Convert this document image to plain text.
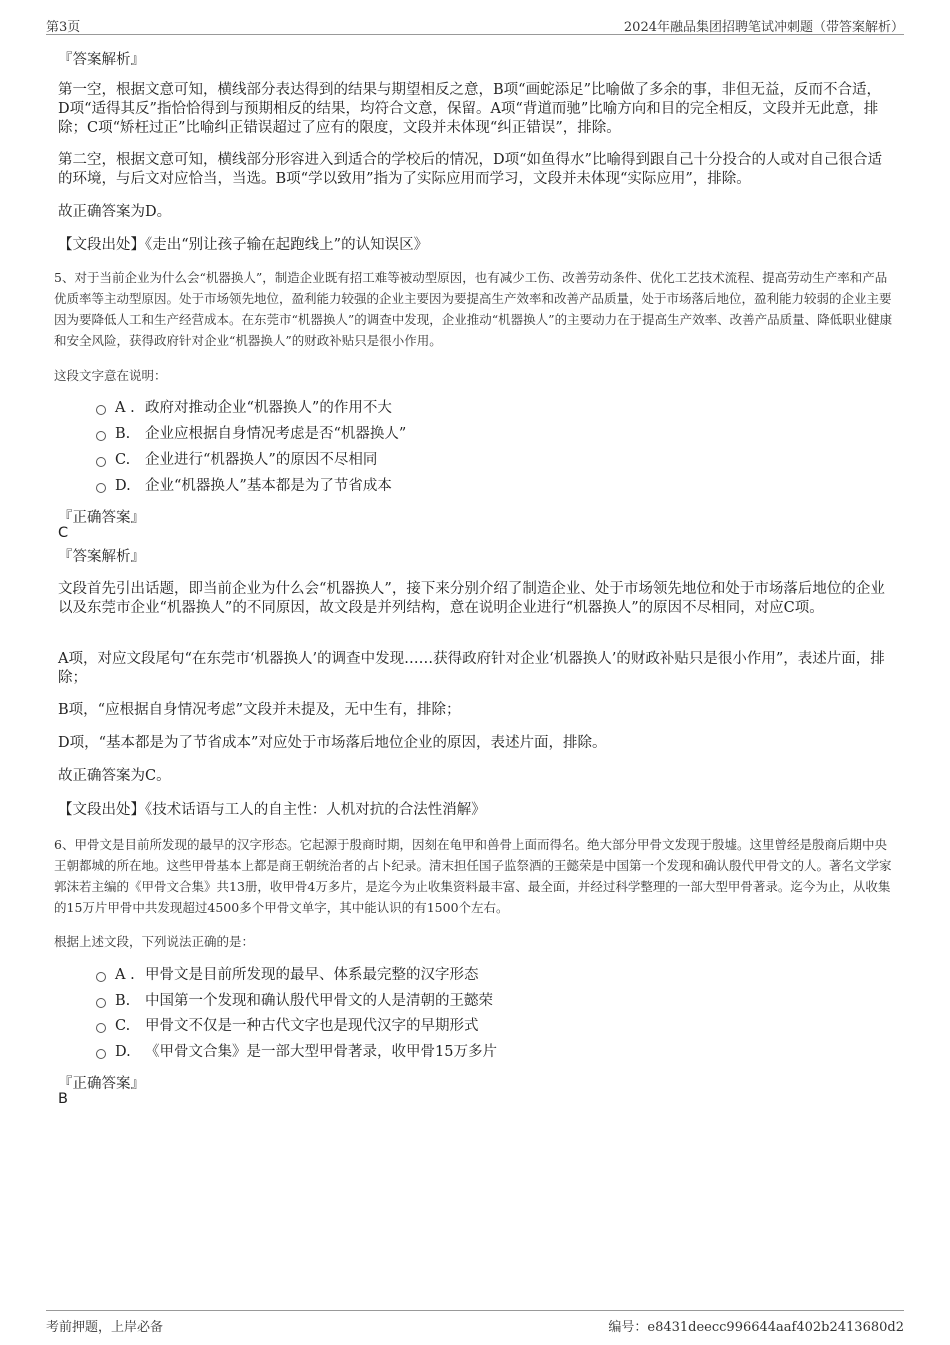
第3页	2024年融品集团招聘笔试冲刺题（带答案解析）
『答案解析』
第一空，根据文意可知，横线部分表达得到的结果与期望相反之意，B项“画蛇添足”比喻做了多余的事，非但无益，反而不合适，D项“适得其反”指恰恰得到与预期相反的结果，均符合文意，保留。A项“背道而驰”比喻方向和目的完全相反，文段并无此意，排除；C项“矫枉过正”比喻纠正错误超过了应有的限度，文段并未体现“纠正错误”，排除。
第二空，根据文意可知，横线部分形容进入到适合的学校后的情况，D项“如鱼得水”比喻得到跟自己十分投合的人或对自己很合适的环境，与后文对应恰当，当选。B项“学以致用”指为了实际应用而学习，文段并未体现“实际应用”，排除。
故正确答案为D。
【文段出处】《走出“别让孩子输在起跑线上”的认知误区》
5、对于当前企业为什么会“机器换人”，制造企业既有招工难等被动型原因，也有减少工伤、改善劳动条件、优化工艺技术流程、提高劳动生产率和产品优质率等主动型原因。处于市场领先地位，盈利能力较强的企业主要因为要提高生产效率和改善产品质量，处于市场落后地位，盈利能力较弱的企业主要因为要降低人工和生产经营成本。在东莞市“机器换人”的调查中发现，企业推动“机器换人”的主要动力在于提高生产效率、改善产品质量、降低职业健康和安全风险，获得政府针对企业“机器换人”的财政补贴只是很小作用。
这段文字意在说明：
A . 政府对推动企业“机器换人”的作用不大
B. 企业应根据自身情况考虑是否“机器换人”
C. 企业进行“机器换人”的原因不尽相同
D. 企业“机器换人”基本都是为了节省成本
『正确答案』
C
『答案解析』
文段首先引出话题，即当前企业为什么会“机器换人”，接下来分别介绍了制造企业、处于市场领先地位和处于市场落后地位的企业以及东莞市企业“机器换人”的不同原因，故文段是并列结构，意在说明企业进行“机器换人”的原因不尽相同，对应C项。
A项，对应文段尾句“在东莞市‘机器换人’的调查中发现……获得政府针对企业‘机器换人’的财政补贴只是很小作用”，表述片面，排除；
B项，“应根据自身情况考虑”文段并未提及，无中生有，排除；
D项，“基本都是为了节省成本”对应处于市场落后地位企业的原因，表述片面，排除。
故正确答案为C。
【文段出处】《技术话语与工人的自主性：人机对抗的合法性消解》
6、甲骨文是目前所发现的最早的汉字形态。它起源于殷商时期，因刻在龟甲和兽骨上面而得名。绝大部分甲骨文发现于殷墟。这里曾经是殷商后期中央王朝都城的所在地。这些甲骨基本上都是商王朝统治者的占卜纪录。清末担任国子监祭酒的王懿荣是中国第一个发现和确认殷代甲骨文的人。著名文学家郭沫若主编的《甲骨文合集》共13册，收甲骨4万多片，是迄今为止收集资料最丰富、最全面，并经过科学整理的一部大型甲骨著录。迄今为止，从收集的15万片甲骨中共发现超过4500多个甲骨文单字，其中能认识的有1500个左右。
根据上述文段，下列说法正确的是：
A . 甲骨文是目前所发现的最早、体系最完整的汉字形态
B. 中国第一个发现和确认殷代甲骨文的人是清朝的王懿荣
C. 甲骨文不仅是一种古代文字也是现代汉字的早期形式
D. 《甲骨文合集》是一部大型甲骨著录，收甲骨15万多片
『正确答案』
B
考前押题，上岸必备	编号：e8431deecc996644aaf402b2413680d2
